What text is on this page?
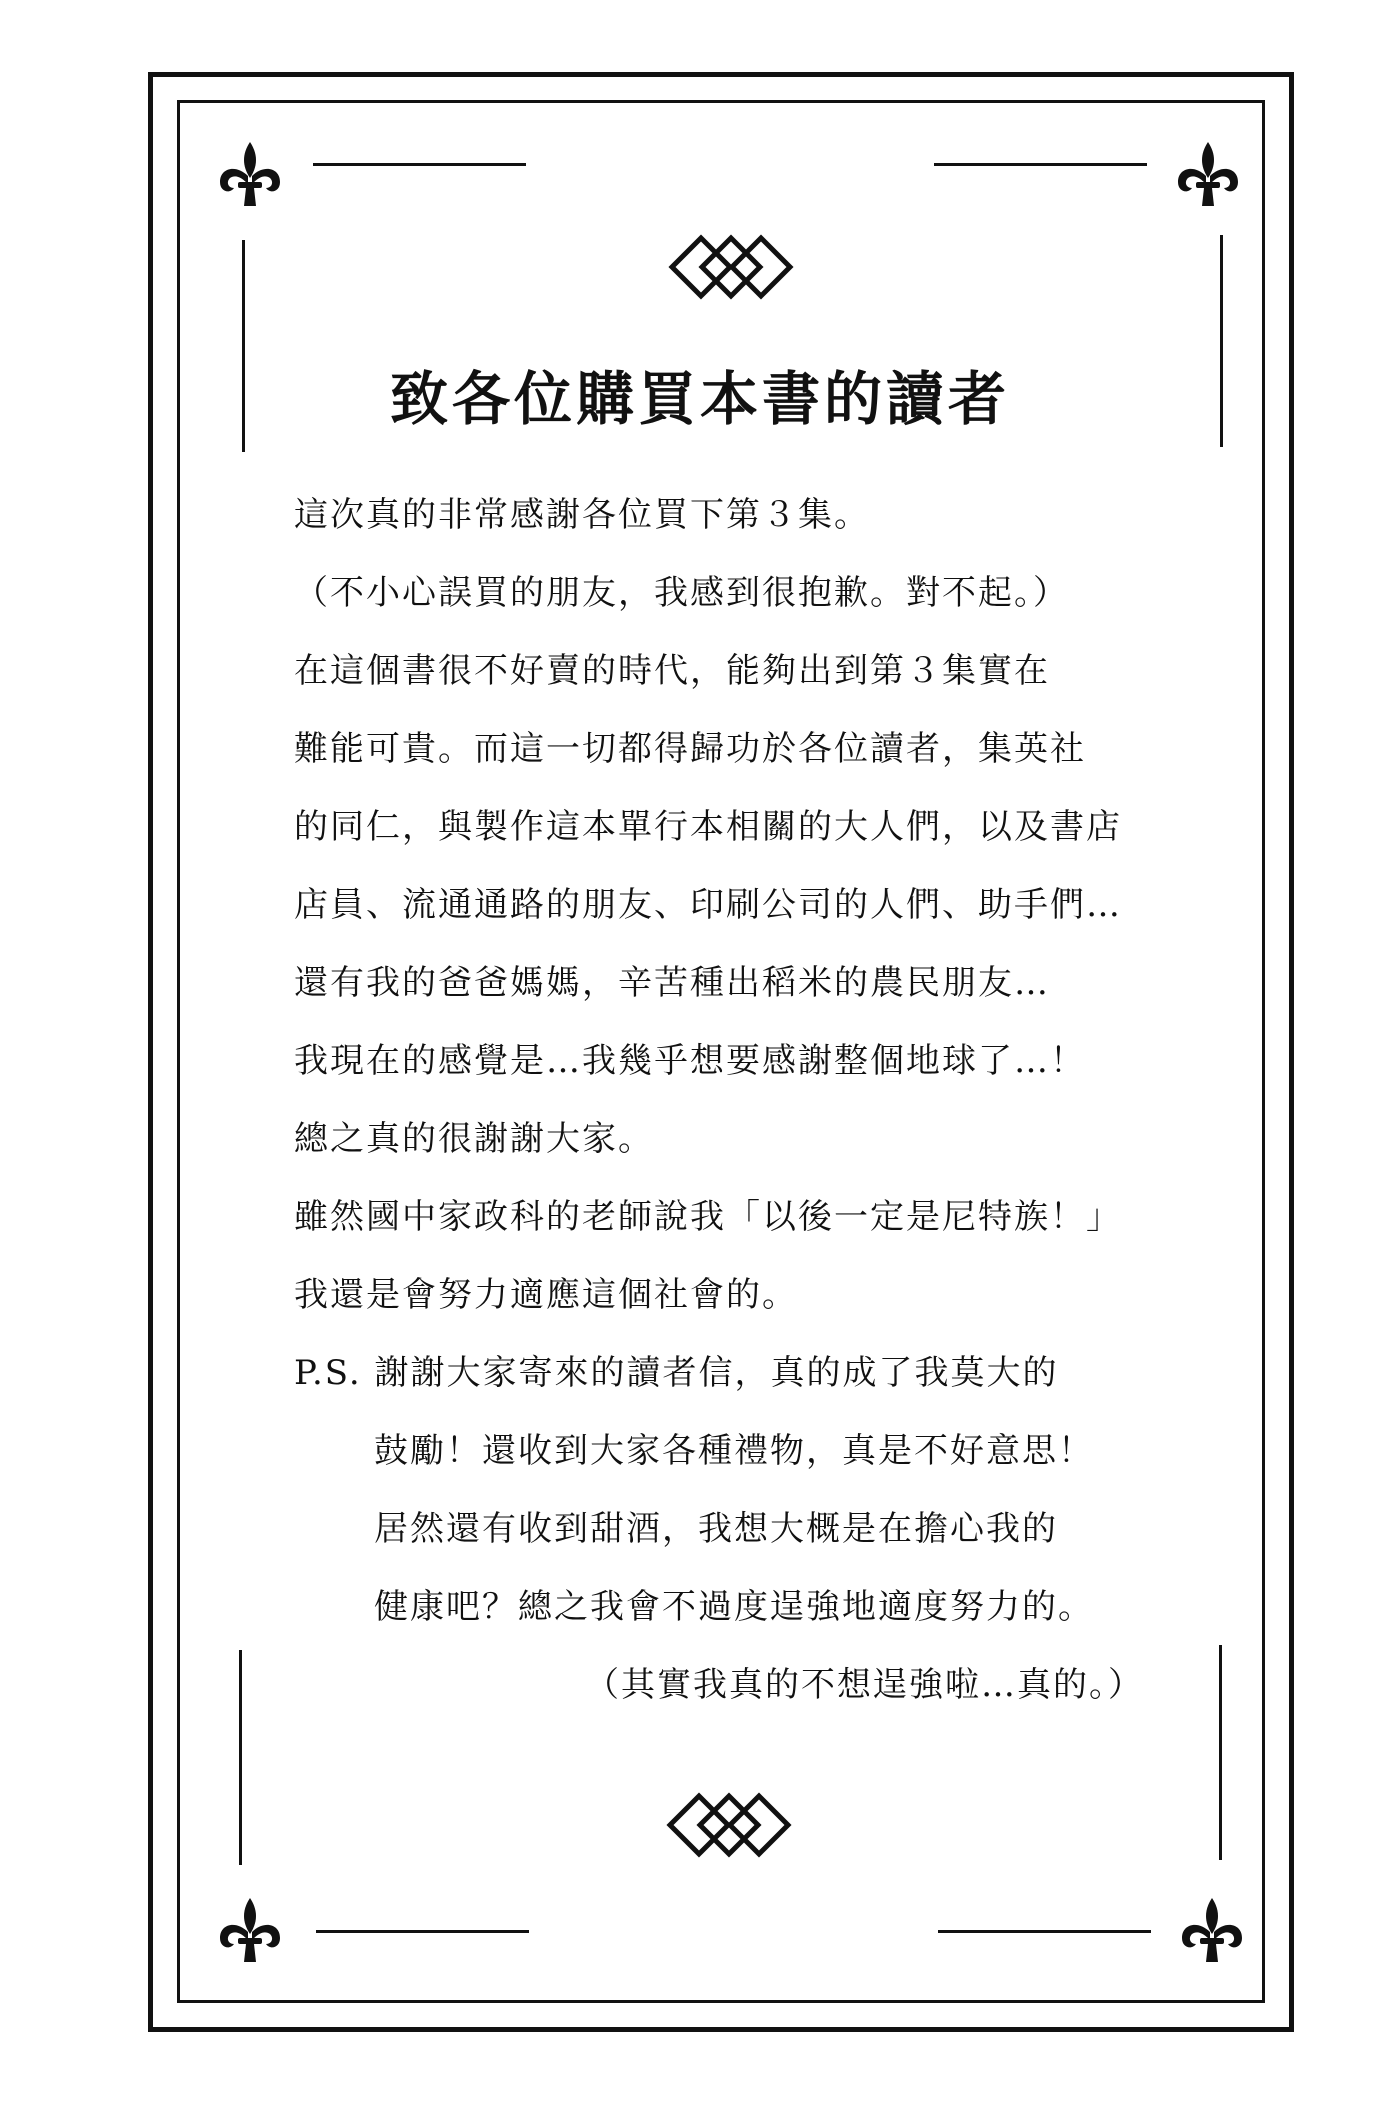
致各位購買本書的讀者
這次真的非常感謝各位買下第３集。
（不小心誤買的朋友，我感到很抱歉。對不起。）
在這個書很不好賣的時代，能夠出到第３集實在
難能可貴。而這一切都得歸功於各位讀者，集英社
的同仁，與製作這本單行本相關的大人們，以及書店
店員、流通通路的朋友、印刷公司的人們、助手們…
還有我的爸爸媽媽，辛苦種出稻米的農民朋友…
我現在的感覺是…我幾乎想要感謝整個地球了…！
總之真的很謝謝大家。
雖然國中家政科的老師說我「以後一定是尼特族！」
我還是會努力適應這個社會的。
P.S. 謝謝大家寄來的讀者信，真的成了我莫大的
鼓勵！還收到大家各種禮物，真是不好意思！
居然還有收到甜酒，我想大概是在擔心我的
健康吧？總之我會不過度逞強地適度努力的。
（其實我真的不想逞強啦…真的。）
